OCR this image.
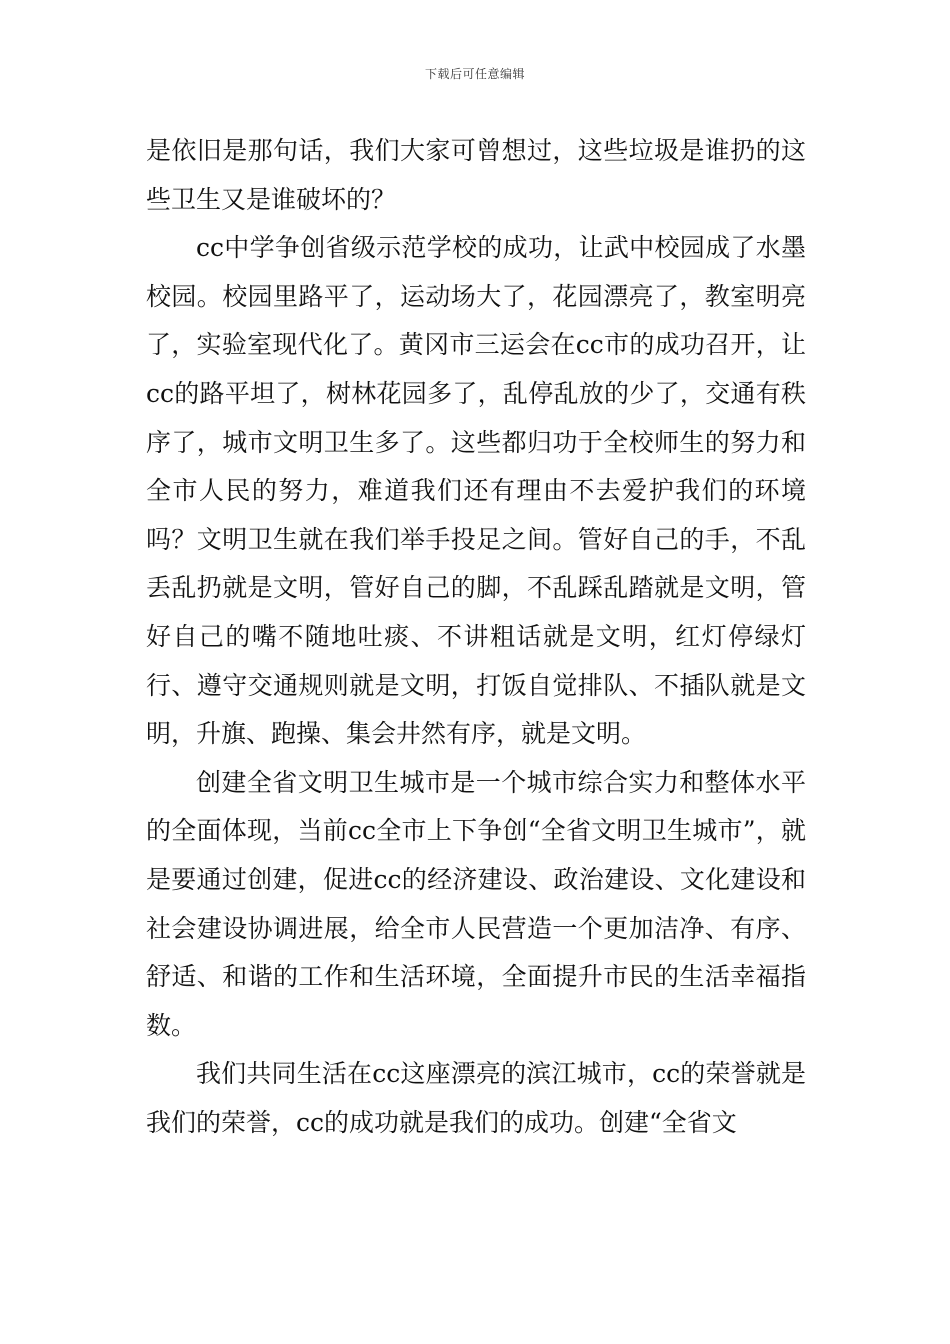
下载后可任意编辑

是依旧是那句话，我们大家可曾想过，这些垃圾是谁扔的这些卫生又是谁破坏的？

cc中学争创省级示范学校的成功，让武中校园成了水墨校园。校园里路平了，运动场大了，花园漂亮了，教室明亮了，实验室现代化了。黄冈市三运会在cc市的成功召开，让cc的路平坦了，树林花园多了，乱停乱放的少了，交通有秩序了，城市文明卫生多了。这些都归功于全校师生的努力和全市人民的努力，难道我们还有理由不去爱护我们的环境吗？文明卫生就在我们举手投足之间。管好自己的手，不乱丢乱扔就是文明，管好自己的脚，不乱踩乱踏就是文明，管好自己的嘴不随地吐痰、不讲粗话就是文明，红灯停绿灯行、遵守交通规则就是文明，打饭自觉排队、不插队就是文明，升旗、跑操、集会井然有序，就是文明。

创建全省文明卫生城市是一个城市综合实力和整体水平的全面体现，当前cc全市上下争创“全省文明卫生城市”，就是要通过创建，促进cc的经济建设、政治建设、文化建设和社会建设协调进展，给全市人民营造一个更加洁净、有序、舒适、和谐的工作和生活环境，全面提升市民的生活幸福指数。

我们共同生活在cc这座漂亮的滨江城市，cc的荣誉就是我们的荣誉，cc的成功就是我们的成功。创建“全省文
